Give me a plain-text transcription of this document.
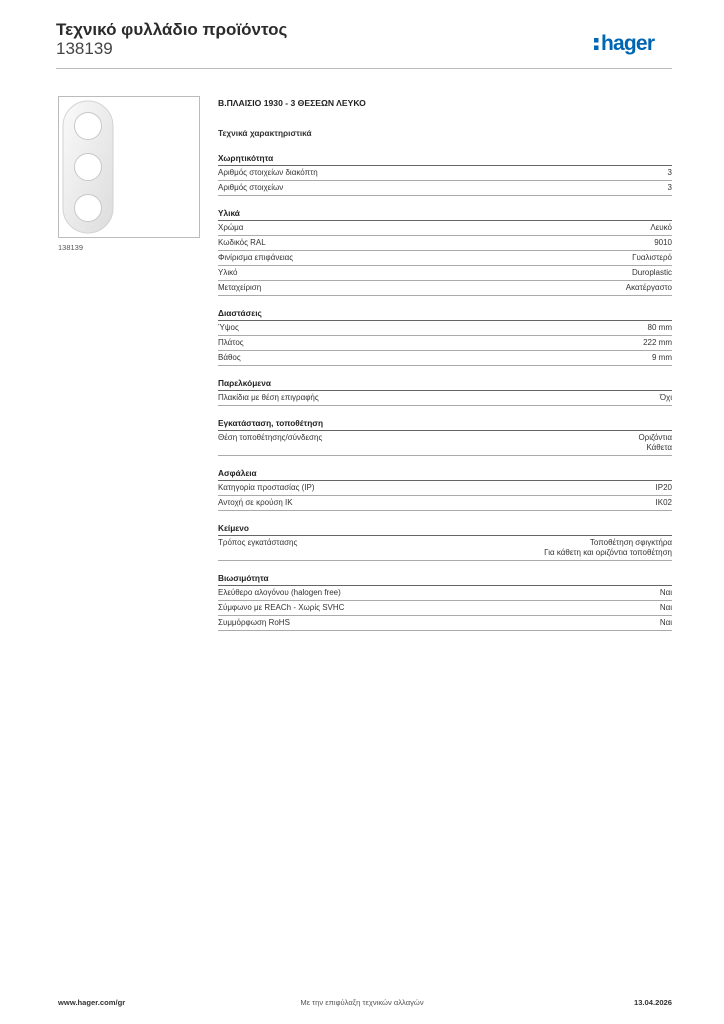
Τεχνικό φυλλάδιο προϊόντος
138139	hager
138139
Β.ΠΛΑΙΣΙΟ 1930 - 3 ΘΕΣΕΩΝ ΛΕΥΚΟ
Τεχνικά χαρακτηριστικά
Χωρητικότητα
Αριθμός στοιχείων διακόπτη	3
Αριθμός στοιχείων	3
Υλικά
Χρώμα	Λευκό
Κωδικός RAL	9010
Φινίρισμα επιφάνειας	Γυαλιστερό
Υλικό	Duroplastic
Μεταχείριση	Ακατέργαστο
Διαστάσεις
Ύψος	80 mm
Πλάτος	222 mm
Βάθος	9 mm
Παρελκόμενα
Πλακίδια με θέση επιγραφής	Όχι
Εγκατάσταση, τοποθέτηση
Θέση τοποθέτησης/σύνδεσης	Οριζόντια
Κάθετα
Ασφάλεια
Κατηγορία προστασίας (IP)	IP20
Αντοχή σε κρούση IK	IK02
Κείμενο
Τρόπος εγκατάστασης	Τοποθέτηση σφιγκτήρα
Για κάθετη και οριζόντια τοποθέτηση
Βιωσιμότητα
Ελεύθερο αλογόνου (halogen free)	Ναι
Σύμφωνο με REACh - Χωρίς SVHC	Ναι
Συμμόρφωση RoHS	Ναι
www.hager.com/gr	Με την επιφύλαξη τεχνικών αλλαγών	13.04.2026
